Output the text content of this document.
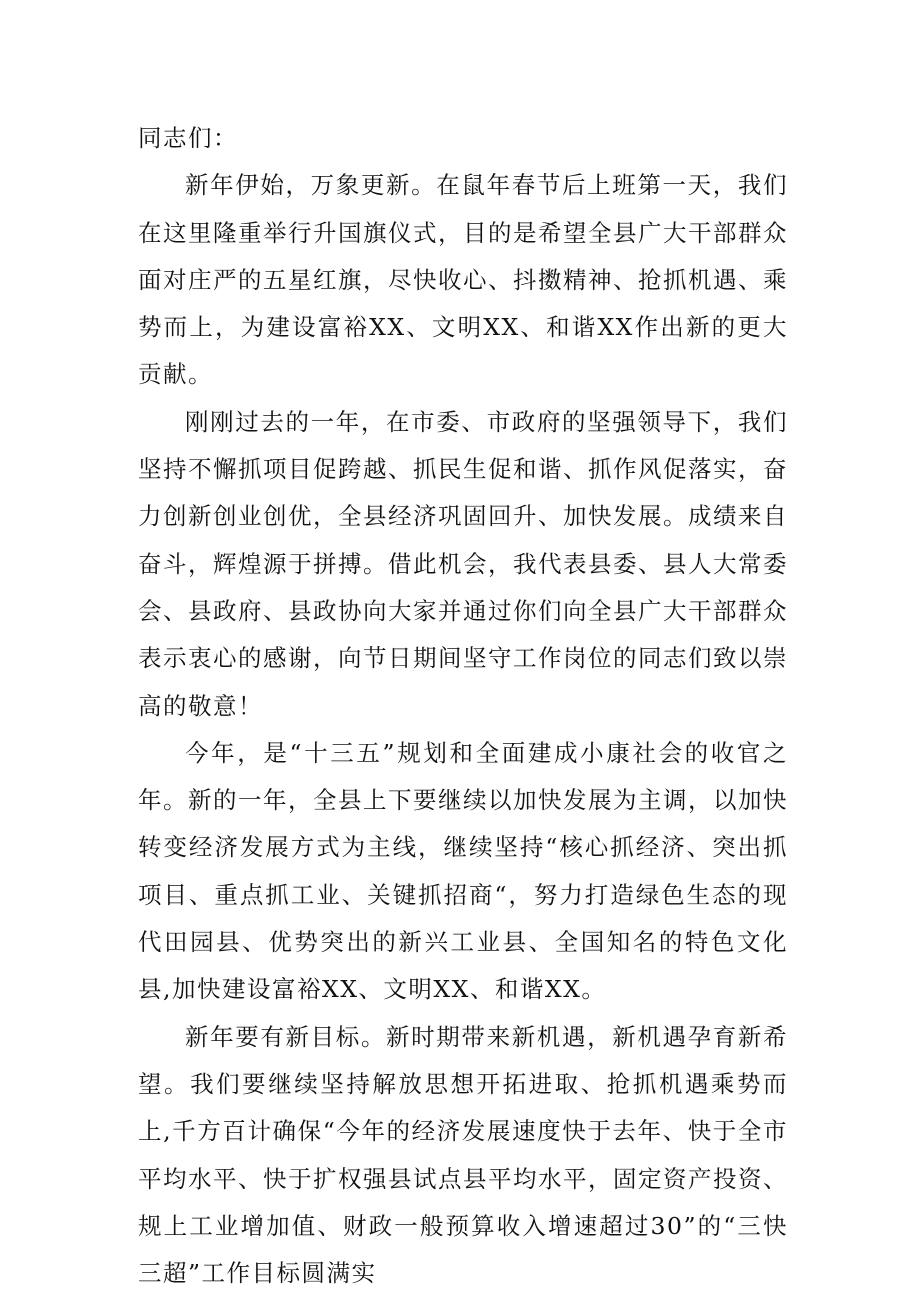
同志们：

新年伊始，万象更新。在鼠年春节后上班第一天，我们在这里隆重举行升国旗仪式，目的是希望全县广大干部群众面对庄严的五星红旗，尽快收心、抖擞精神、抢抓机遇、乘势而上，为建设富裕XX、文明XX、和谐XX作出新的更大贡献。

刚刚过去的一年，在市委、市政府的坚强领导下，我们坚持不懈抓项目促跨越、抓民生促和谐、抓作风促落实，奋力创新创业创优，全县经济巩固回升、加快发展。成绩来自奋斗，辉煌源于拼搏。借此机会，我代表县委、县人大常委会、县政府、县政协向大家并通过你们向全县广大干部群众表示衷心的感谢，向节日期间坚守工作岗位的同志们致以崇高的敬意！

今年，是“十三五”规划和全面建成小康社会的收官之年。新的一年，全县上下要继续以加快发展为主调，以加快转变经济发展方式为主线，继续坚持“核心抓经济、突出抓项目、重点抓工业、关键抓招商“，努力打造绿色生态的现代田园县、优势突出的新兴工业县、全国知名的特色文化县,加快建设富裕XX、文明XX、和谐XX。

新年要有新目标。新时期带来新机遇，新机遇孕育新希望。我们要继续坚持解放思想开拓进取、抢抓机遇乘势而上,千方百计确保“今年的经济发展速度快于去年、快于全市平均水平、快于扩权强县试点县平均水平，固定资产投资、规上工业增加值、财政一般预算收入增速超过30”的“三快三超”工作目标圆满实
